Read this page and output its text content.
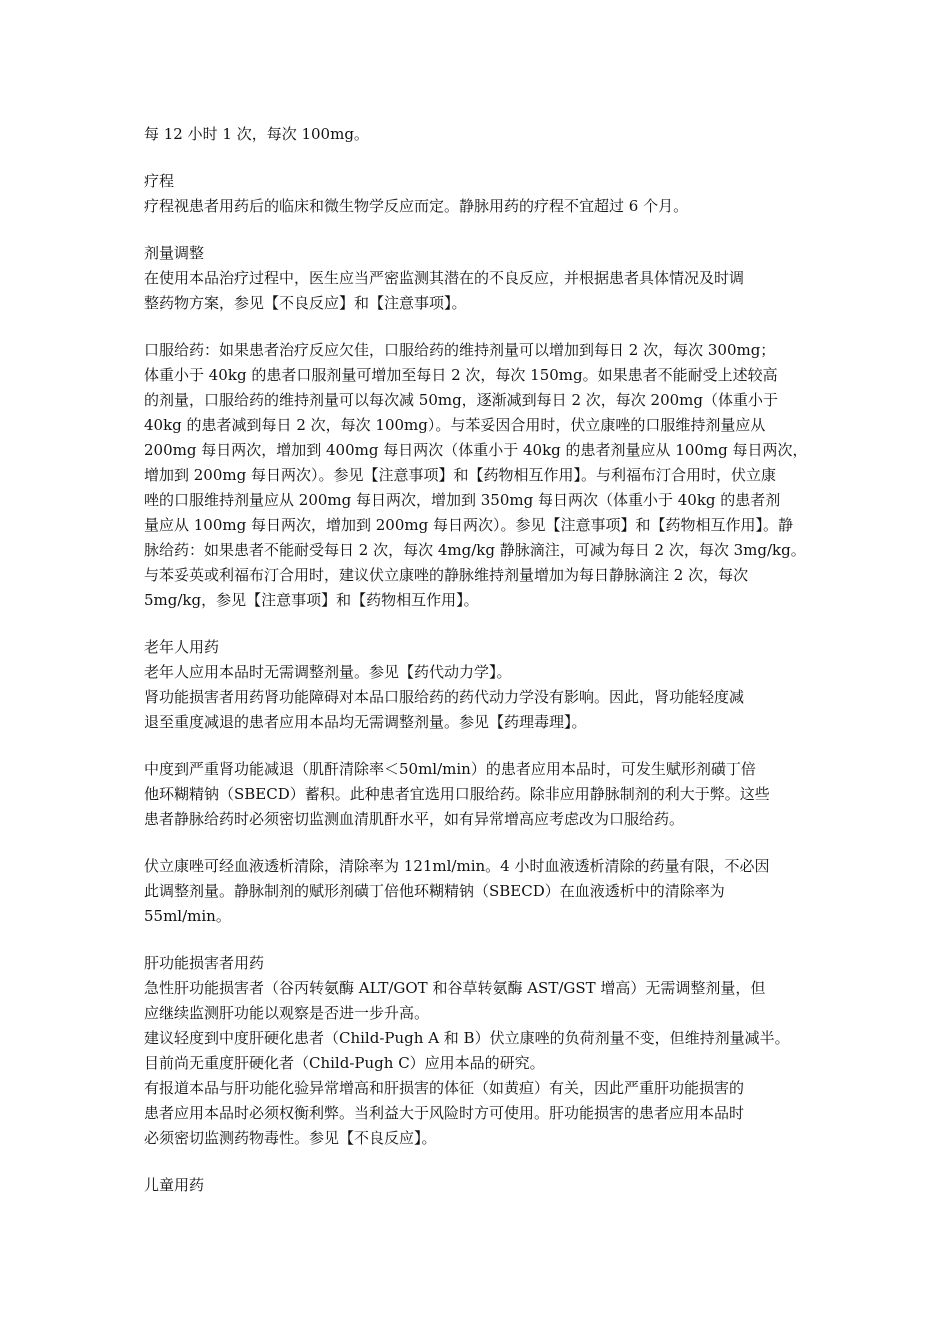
每 12 小时 1 次，每次 100mg。
疗程
疗程视患者用药后的临床和微生物学反应而定。静脉用药的疗程不宜超过 6 个月。
剂量调整
在使用本品治疗过程中，医生应当严密监测其潜在的不良反应，并根据患者具体情况及时调
整药物方案，参见【不良反应】和【注意事项】。
口服给药：如果患者治疗反应欠佳，口服给药的维持剂量可以增加到每日 2 次，每次 300mg；
体重小于 40kg 的患者口服剂量可增加至每日 2 次，每次 150mg。如果患者不能耐受上述较高
的剂量，口服给药的维持剂量可以每次减 50mg，逐渐减到每日 2 次，每次 200mg（体重小于
40kg 的患者减到每日 2 次，每次 100mg）。与苯妥因合用时，伏立康唑的口服维持剂量应从
200mg 每日两次，增加到 400mg 每日两次（体重小于 40kg 的患者剂量应从 100mg 每日两次，
增加到 200mg 每日两次）。参见【注意事项】和【药物相互作用】。与利福布汀合用时，伏立康
唑的口服维持剂量应从 200mg 每日两次，增加到 350mg 每日两次（体重小于 40kg 的患者剂
量应从 100mg 每日两次，增加到 200mg 每日两次）。参见【注意事项】和【药物相互作用】。静
脉给药：如果患者不能耐受每日 2 次，每次 4mg/kg 静脉滴注，可减为每日 2 次，每次 3mg/kg。
与苯妥英或利福布汀合用时，建议伏立康唑的静脉维持剂量增加为每日静脉滴注 2 次，每次
5mg/kg，参见【注意事项】和【药物相互作用】。
老年人用药
老年人应用本品时无需调整剂量。参见【药代动力学】。
肾功能损害者用药肾功能障碍对本品口服给药的药代动力学没有影响。因此，肾功能轻度减
退至重度减退的患者应用本品均无需调整剂量。参见【药理毒理】。
中度到严重肾功能减退（肌酐清除率＜50ml/min）的患者应用本品时，可发生赋形剂磺丁倍
他环糊精钠（SBECD）蓄积。此种患者宜选用口服给药。除非应用静脉制剂的利大于弊。这些
患者静脉给药时必须密切监测血清肌酐水平，如有异常增高应考虑改为口服给药。
伏立康唑可经血液透析清除，清除率为 121ml/min。4 小时血液透析清除的药量有限，不必因
此调整剂量。静脉制剂的赋形剂磺丁倍他环糊精钠（SBECD）在血液透析中的清除率为
55ml/min。
肝功能损害者用药
急性肝功能损害者（谷丙转氨酶 ALT/GOT 和谷草转氨酶 AST/GST 增高）无需调整剂量，但
应继续监测肝功能以观察是否进一步升高。
建议轻度到中度肝硬化患者（Child-Pugh A 和 B）伏立康唑的负荷剂量不变，但维持剂量减半。
目前尚无重度肝硬化者（Child-Pugh C）应用本品的研究。
有报道本品与肝功能化验异常增高和肝损害的体征（如黄疸）有关，因此严重肝功能损害的
患者应用本品时必须权衡利弊。当利益大于风险时方可使用。肝功能损害的患者应用本品时
必须密切监测药物毒性。参见【不良反应】。
儿童用药
